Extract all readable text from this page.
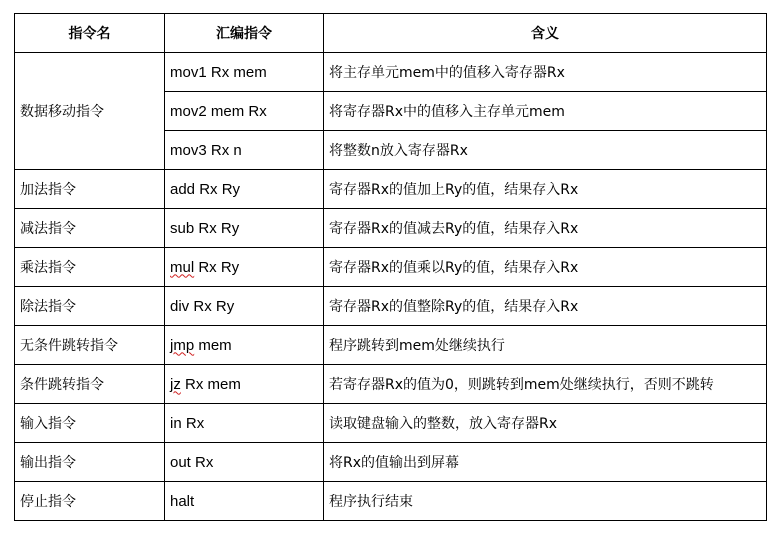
指令名	汇编指令	含义
数据移动指令	mov1 Rx mem	将主存单元mem中的值移入寄存器Rx
	mov2 mem Rx	将寄存器Rx中的值移入主存单元mem
	mov3 Rx n	将整数n放入寄存器Rx
加法指令	add Rx Ry	寄存器Rx的值加上Ry的值，结果存入Rx
减法指令	sub Rx Ry	寄存器Rx的值减去Ry的值，结果存入Rx
乘法指令	mul Rx Ry	寄存器Rx的值乘以Ry的值，结果存入Rx
除法指令	div Rx Ry	寄存器Rx的值整除Ry的值，结果存入Rx
无条件跳转指令	jmp mem	程序跳转到mem处继续执行
条件跳转指令	jz Rx mem	若寄存器Rx的值为0，则跳转到mem处继续执行，否则不跳转
输入指令	in Rx	读取键盘输入的整数，放入寄存器Rx
输出指令	out Rx	将Rx的值输出到屏幕
停止指令	halt	程序执行结束
